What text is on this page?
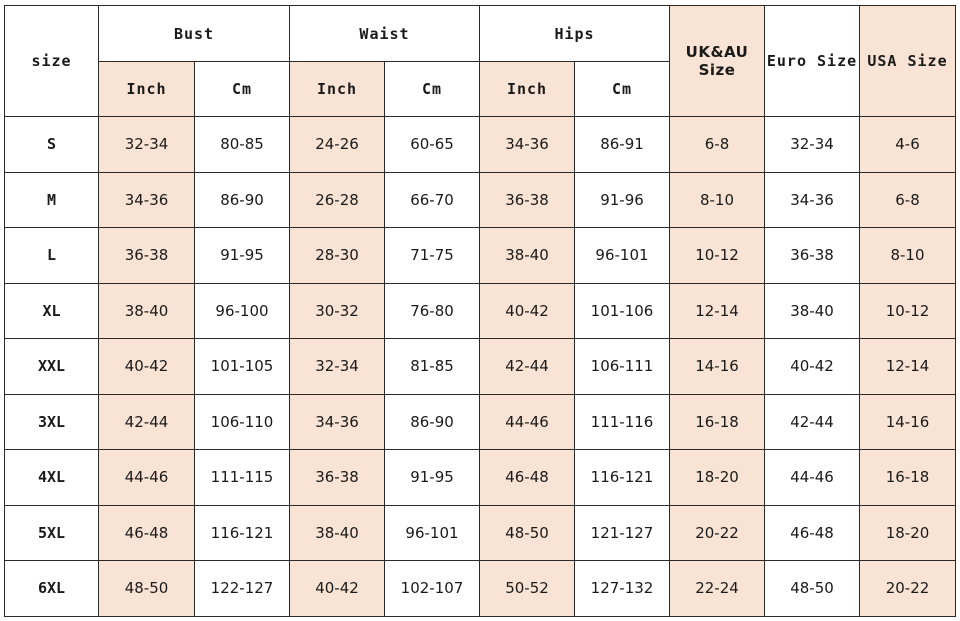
size	Bust		Waist		Hips		UK&AU Size	Euro Size	USA Size
	Inch	Cm	Inch	Cm	Inch	Cm			
S	32-34	80-85	24-26	60-65	34-36	86-91	6-8	32-34	4-6
M	34-36	86-90	26-28	66-70	36-38	91-96	8-10	34-36	6-8
L	36-38	91-95	28-30	71-75	38-40	96-101	10-12	36-38	8-10
XL	38-40	96-100	30-32	76-80	40-42	101-106	12-14	38-40	10-12
XXL	40-42	101-105	32-34	81-85	42-44	106-111	14-16	40-42	12-14
3XL	42-44	106-110	34-36	86-90	44-46	111-116	16-18	42-44	14-16
4XL	44-46	111-115	36-38	91-95	46-48	116-121	18-20	44-46	16-18
5XL	46-48	116-121	38-40	96-101	48-50	121-127	20-22	46-48	18-20
6XL	48-50	122-127	40-42	102-107	50-52	127-132	22-24	48-50	20-22
